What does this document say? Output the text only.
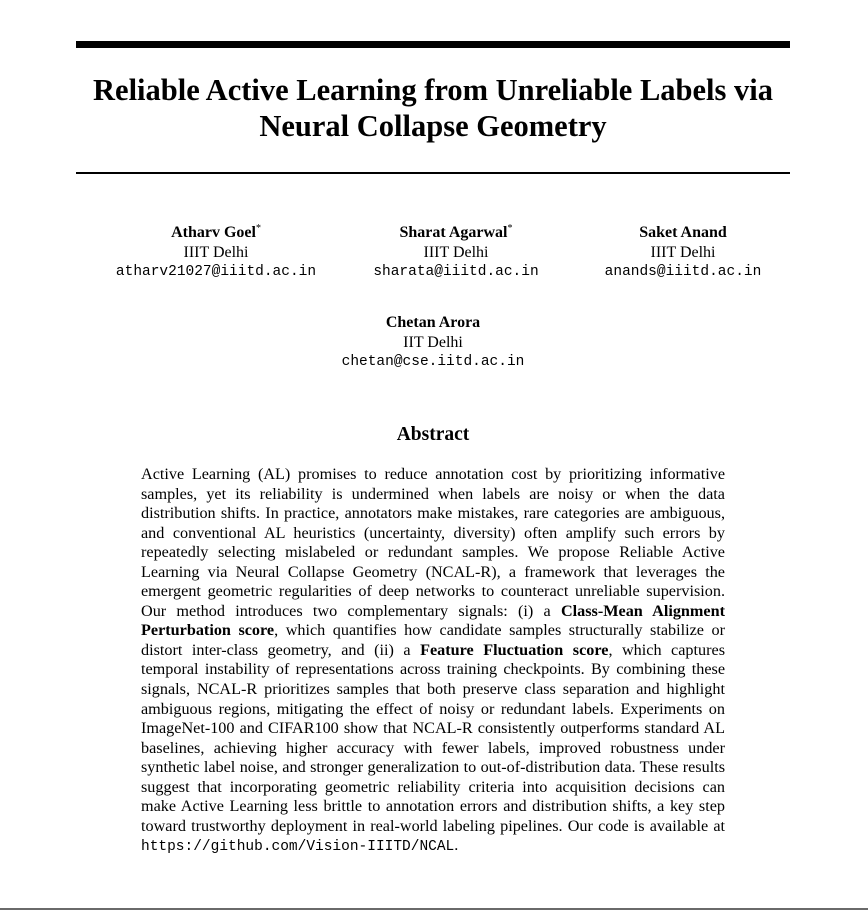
Reliable Active Learning from Unreliable Labels via
Neural Collapse Geometry
Atharv Goel*
IIIT Delhi
atharv21027@iiitd.ac.in
Sharat Agarwal*
IIIT Delhi
sharata@iiitd.ac.in
Saket Anand
IIIT Delhi
anands@iiitd.ac.in
Chetan Arora
IIT Delhi
chetan@cse.iitd.ac.in
Abstract

Active Learning (AL) promises to reduce annotation cost by prioritizing informative samples, yet its reliability is undermined when labels are noisy or when the data distribution shifts. In practice, annotators make mistakes, rare categories are ambiguous, and conventional AL heuristics (uncertainty, diversity) often amplify such errors by repeatedly selecting mislabeled or redundant samples. We propose Reliable Active Learning via Neural Collapse Geometry (NCAL-R), a framework that leverages the emergent geometric regularities of deep networks to counteract unreliable supervision. Our method introduces two complementary signals: (i) a Class-Mean Alignment Perturbation score, which quantifies how candidate samples structurally stabilize or distort inter-class geometry, and (ii) a Feature Fluctuation score, which captures temporal instability of representations across training checkpoints. By combining these signals, NCAL-R prioritizes samples that both preserve class separation and highlight ambiguous regions, mitigating the effect of noisy or redundant labels. Experiments on ImageNet-100 and CIFAR100 show that NCAL-R consistently outperforms standard AL baselines, achieving higher accuracy with fewer labels, improved robustness under synthetic label noise, and stronger generalization to out-of-distribution data. These results suggest that incorporating geometric reliability criteria into acquisition decisions can make Active Learning less brittle to annotation errors and distribution shifts, a key step toward trustworthy deployment in real-world labeling pipelines. Our code is available at https://github.com/Vision-IIITD/NCAL.
